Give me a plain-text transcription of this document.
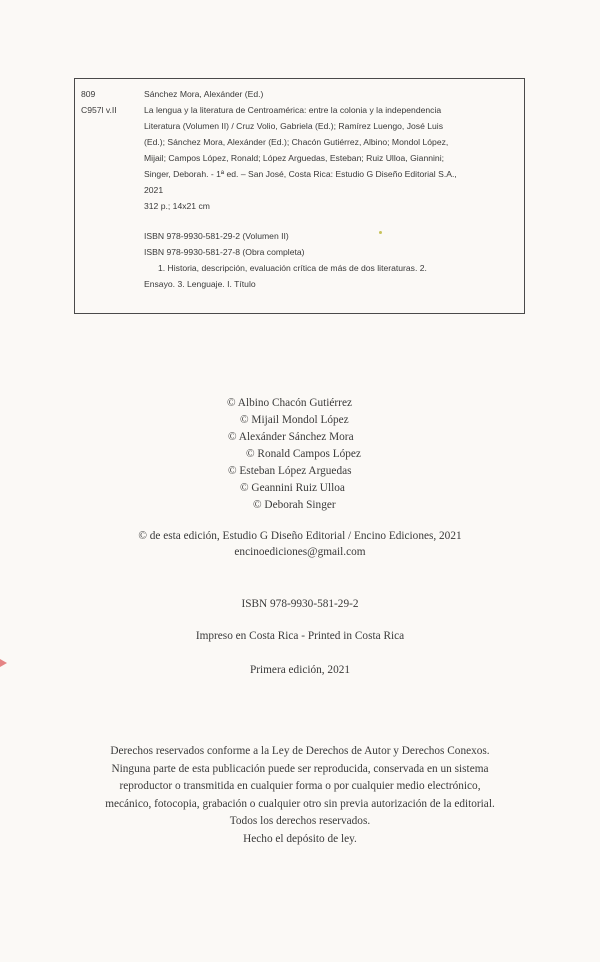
809
C957l v.II
Sánchez Mora, Alexánder (Ed.)
La lengua y la literatura de Centroamérica: entre la colonia y la independencia
Literatura (Volumen II) / Cruz Volio, Gabriela (Ed.); Ramírez Luengo, José Luis
(Ed.); Sánchez Mora, Alexánder (Ed.); Chacón Gutiérrez, Albino; Mondol López,
Mijail; Campos López, Ronald; López Arguedas, Esteban; Ruiz Ulloa, Giannini;
Singer, Deborah. - 1ª ed. – San José, Costa Rica: Estudio G Diseño Editorial S.A.,
2021
312 p.; 14x21 cm
ISBN 978-9930-581-29-2 (Volumen II)
ISBN 978-9930-581-27-8 (Obra completa)
1. Historia, descripción, evaluación crítica de más de dos literaturas. 2.
Ensayo. 3. Lenguaje. I. Título
© Albino Chacón Gutiérrez
© Mijail Mondol López
© Alexánder Sánchez Mora
© Ronald Campos López
© Esteban López Arguedas
© Geannini Ruiz Ulloa
© Deborah Singer
© de esta edición, Estudio G Diseño Editorial / Encino Ediciones, 2021
encinoediciones@gmail.com
ISBN 978-9930-581-29-2
Impreso en Costa Rica - Printed in Costa Rica
Primera edición, 2021
Derechos reservados conforme a la Ley de Derechos de Autor y Derechos Conexos.
Ninguna parte de esta publicación puede ser reproducida, conservada en un sistema
reproductor o transmitida en cualquier forma o por cualquier medio electrónico,
mecánico, fotocopia, grabación o cualquier otro sin previa autorización de la editorial.
Todos los derechos reservados.
Hecho el depósito de ley.
